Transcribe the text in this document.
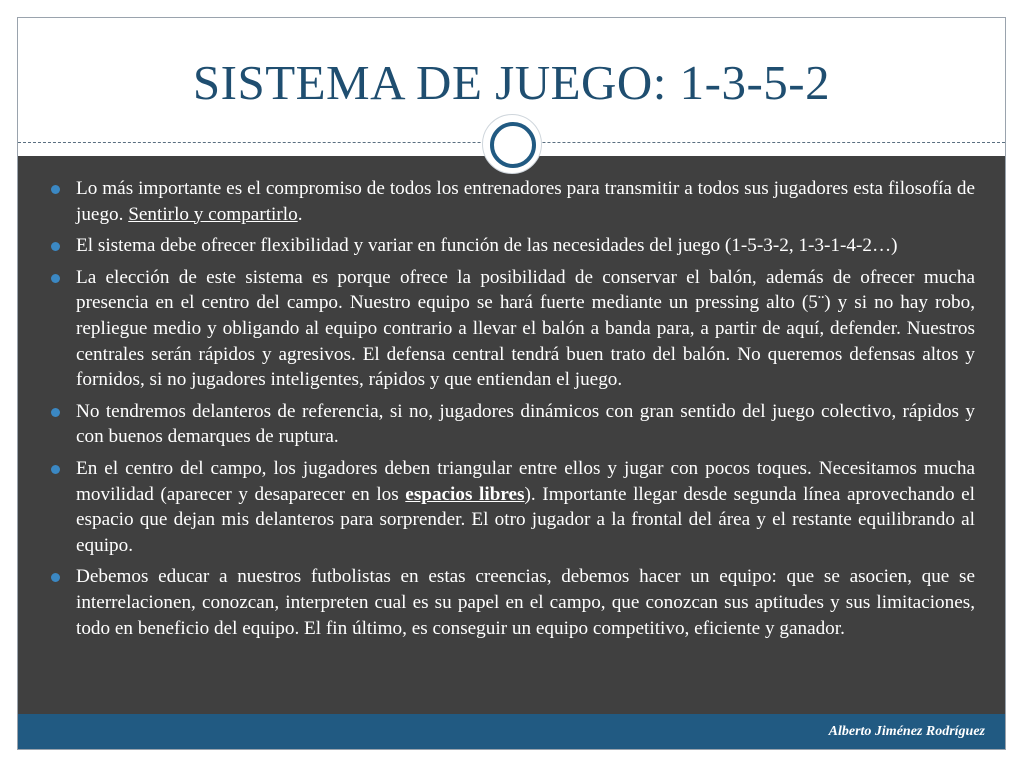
SISTEMA DE JUEGO: 1-3-5-2
Lo más importante es el compromiso de todos los entrenadores para transmitir a todos sus jugadores esta filosofía de juego. Sentirlo y compartirlo.
El sistema debe ofrecer flexibilidad y variar en función de las necesidades del juego (1-5-3-2, 1-3-1-4-2…)
La elección de este sistema es porque ofrece la posibilidad de conservar el balón, además de ofrecer mucha presencia en el centro del campo. Nuestro equipo se hará fuerte mediante un pressing alto (5¨) y si no hay robo, repliegue medio y obligando al equipo contrario a llevar el balón a banda para, a partir de aquí, defender. Nuestros centrales serán rápidos y agresivos. El defensa central tendrá buen trato del balón. No queremos defensas altos y fornidos, si no jugadores inteligentes, rápidos y que entiendan el juego.
No tendremos delanteros de referencia, si no, jugadores dinámicos con gran sentido del juego colectivo, rápidos y con buenos demarques de ruptura.
En el centro del campo, los jugadores deben triangular entre ellos y jugar con pocos toques. Necesitamos mucha movilidad (aparecer y desaparecer en los espacios libres). Importante llegar desde segunda línea aprovechando el espacio que dejan mis delanteros para sorprender. El otro jugador a la frontal del área y el restante equilibrando al equipo.
Debemos educar a nuestros futbolistas en estas creencias, debemos hacer un equipo: que se asocien, que se interrelacionen, conozcan, interpreten cual es su papel en el campo, que conozcan sus aptitudes y sus limitaciones, todo en beneficio del equipo. El fin último, es conseguir un equipo competitivo, eficiente y ganador.
Alberto Jiménez Rodríguez
